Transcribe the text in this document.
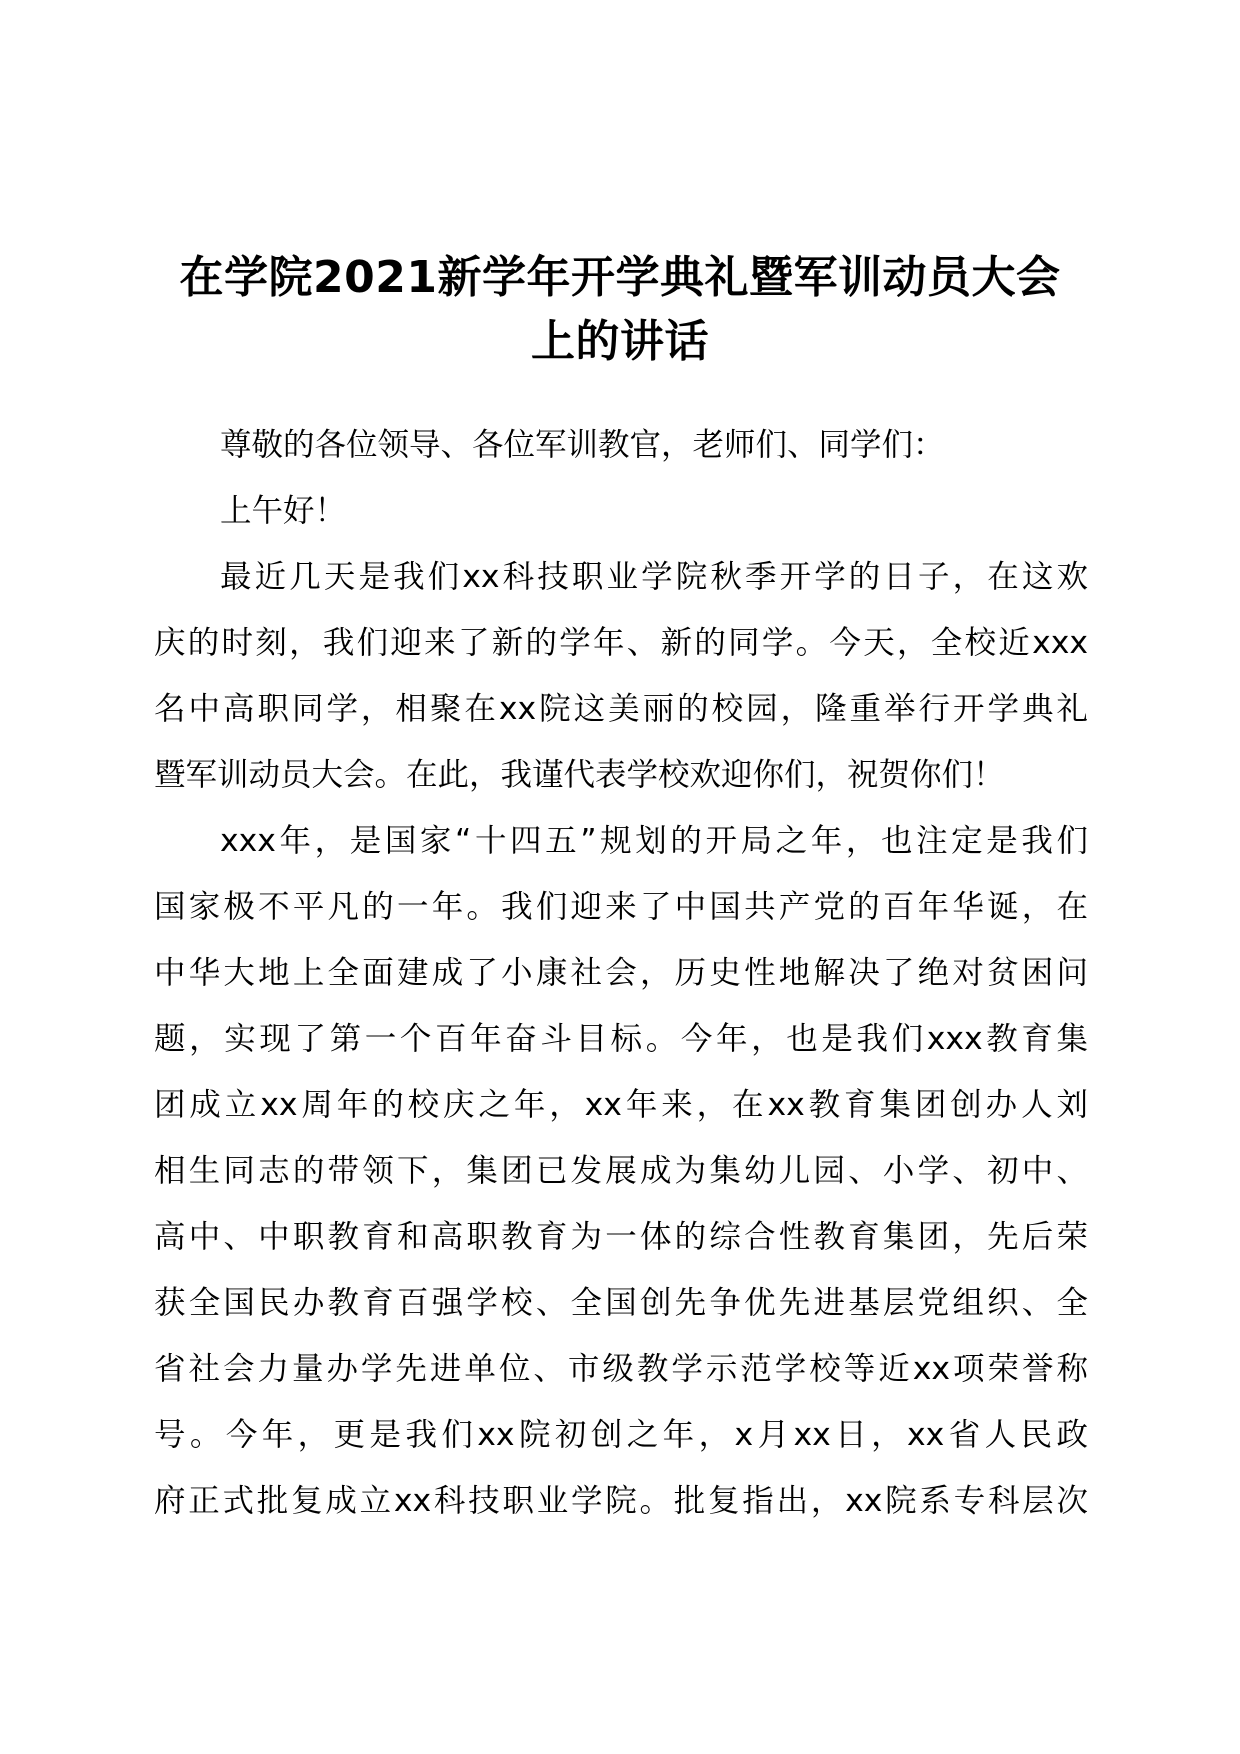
在学院2021新学年开学典礼暨军训动员大会
上的讲话
尊敬的各位领导、各位军训教官，老师们、同学们：
上午好！
最近几天是我们xx科技职业学院秋季开学的日子，在这欢
庆的时刻，我们迎来了新的学年、新的同学。今天，全校近xxx
名中高职同学，相聚在xx院这美丽的校园，隆重举行开学典礼
暨军训动员大会。在此，我谨代表学校欢迎你们，祝贺你们！
xxx年，是国家“十四五”规划的开局之年，也注定是我们
国家极不平凡的一年。我们迎来了中国共产党的百年华诞，在
中华大地上全面建成了小康社会，历史性地解决了绝对贫困问
题，实现了第一个百年奋斗目标。今年，也是我们xxx教育集
团成立xx周年的校庆之年，xx年来，在xx教育集团创办人刘
相生同志的带领下，集团已发展成为集幼儿园、小学、初中、
高中、中职教育和高职教育为一体的综合性教育集团，先后荣
获全国民办教育百强学校、全国创先争优先进基层党组织、全
省社会力量办学先进单位、市级教学示范学校等近xx项荣誉称
号。今年，更是我们xx院初创之年，x月xx日，xx省人民政
府正式批复成立xx科技职业学院。批复指出，xx院系专科层次
